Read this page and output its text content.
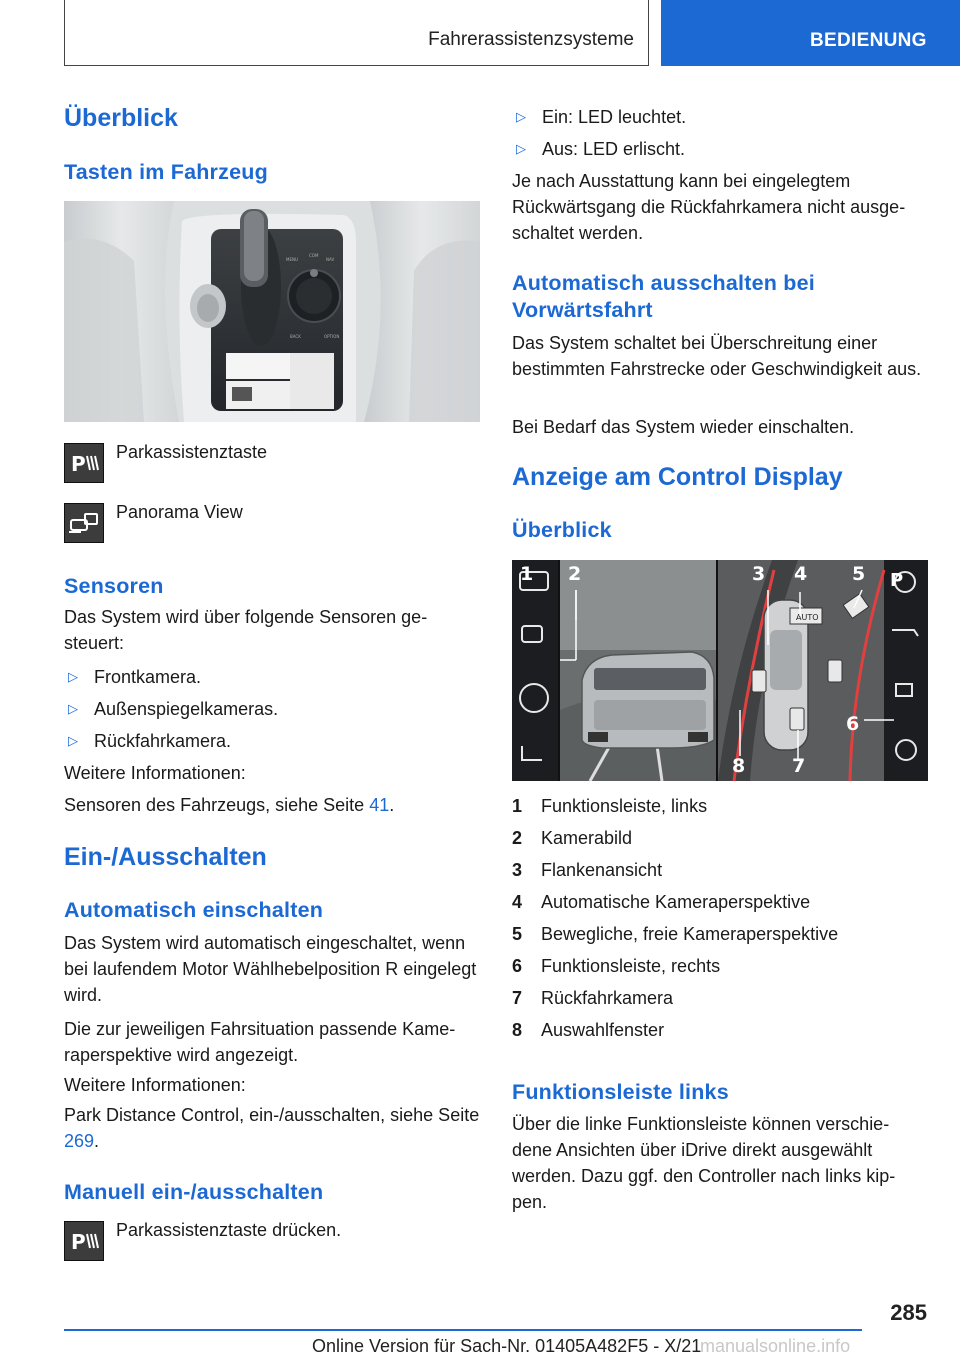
Fahrerassistenzsysteme	BEDIENUNG
Überblick
Tasten im Fahrzeug
MENU
COM
NAV
BACK	OPTION
P Parkassistenztaste
Panorama View
Sensoren

Das System wird über folgende Sensoren ge-steuert:

▷ Frontkamera.
▷ Außenspiegelkameras.
▷ Rückfahrkamera.

Weitere Informationen:

Sensoren des Fahrzeugs, siehe Seite 41.

Ein-/Ausschalten
Automatisch einschalten

Das System wird automatisch eingeschaltet, wenn bei laufendem Motor Wählhebelposition R eingelegt wird.

Die zur jeweiligen Fahrsituation passende Kame-raperspektive wird angezeigt.

Weitere Informationen:

Park Distance Control, ein-/ausschalten, siehe Seite 269.

Manuell ein-/ausschalten
P Parkassistenztaste drücken.
▷ Ein: LED leuchtet.
▷ Aus: LED erlischt.

Je nach Ausstattung kann bei eingelegtem Rückwärtsgang die Rückfahrkamera nicht ausge-schaltet werden.

Automatisch ausschalten bei Vorwärtsfahrt

Das System schaltet bei Überschreitung einer bestimmten Fahrstrecke oder Geschwindigkeit aus.

Bei Bedarf das System wieder einschalten.

Anzeige am Control Display
Überblick
AUTO
P
1 2	3 4 5
6
7
8
1 Funktionsleiste, links
2 Kamerabild
3 Flankenansicht
4 Automatische Kameraperspektive
5 Bewegliche, freie Kameraperspektive
6 Funktionsleiste, rechts
7 Rückfahrkamera
8 Auswahlfenster
Funktionsleiste links

Über die linke Funktionsleiste können verschie-dene Ansichten über iDrive direkt ausgewählt werden. Dazu ggf. den Controller nach links kip-pen.

285
Online Version für Sach-Nr. 01405A482F5 - X/21
manualsonline.info
